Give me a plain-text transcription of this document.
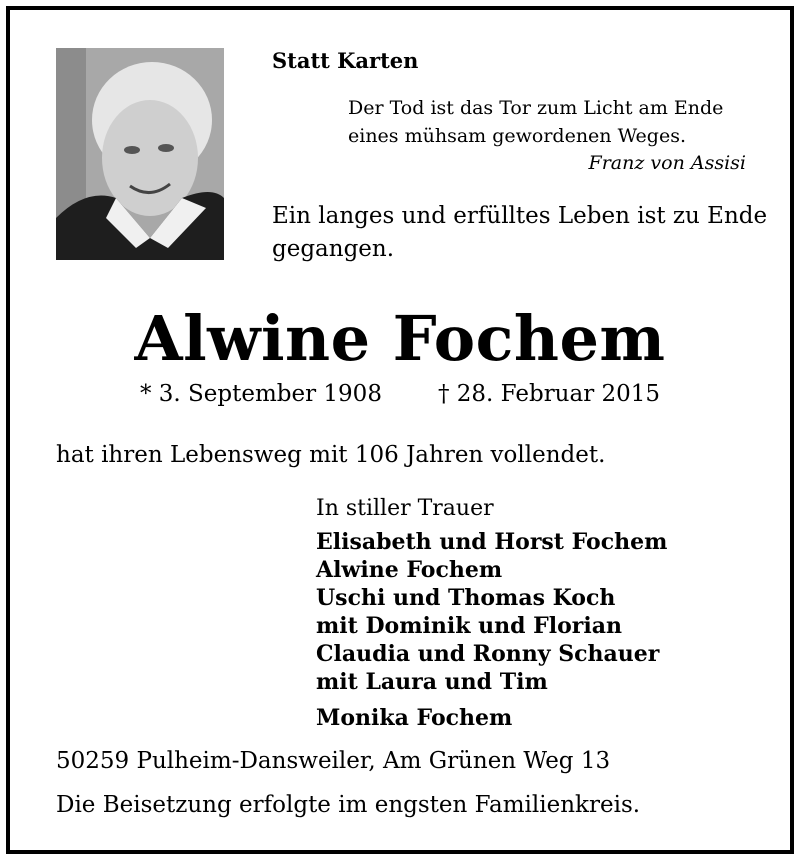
Statt Karten
Der Tod ist das Tor zum Licht am Ende
eines mühsam gewordenen Weges.
Franz von Assisi
Ein langes und erfülltes Leben ist zu Ende gegangen.
Alwine Fochem
* 3. September 1908 † 28. Februar 2015
hat ihren Lebensweg mit 106 Jahren vollendet.
In stiller Trauer
Elisabeth und Horst Fochem
Alwine Fochem
Uschi und Thomas Koch
mit Dominik und Florian
Claudia und Ronny Schauer
mit Laura und Tim
Monika Fochem
50259 Pulheim-Dansweiler, Am Grünen Weg 13
Die Beisetzung erfolgte im engsten Familienkreis.
